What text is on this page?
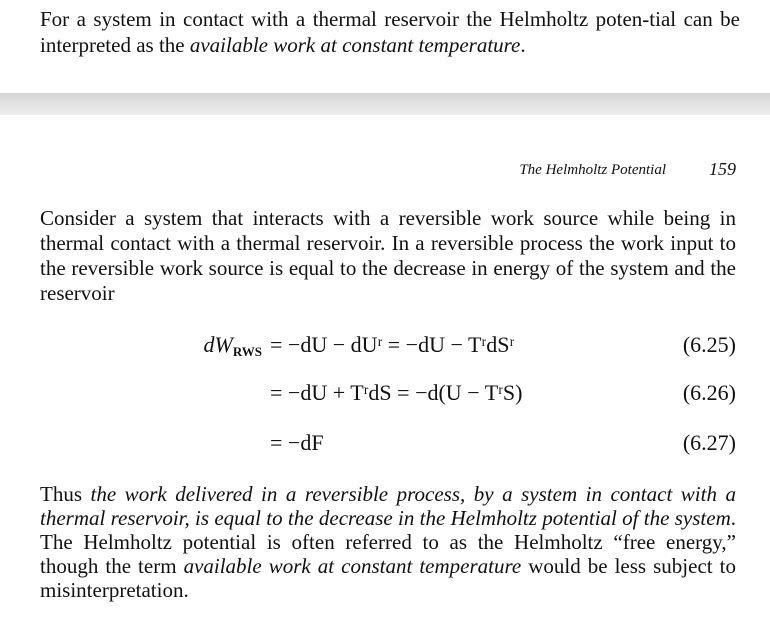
For a system in contact with a thermal reservoir the Helmholtz poten-tial can be interpreted as the available work at constant temperature.

The Helmholtz Potential 159

Consider a system that interacts with a reversible work source while being in thermal contact with a thermal reservoir. In a reversible process the work input to the reversible work source is equal to the decrease in energy of the system and the reservoir

$dW_{RWS} = -dU$ − dUʳ = −dU − TʳdSʳ	(6.25)
= −dU + TʳdS = −d(U − TʳS)	(6.26)
= −dF	(6.27)

Thus the work delivered in a reversible process, by a system in contact with a thermal reservoir, is equal to the decrease in the Helmholtz potential of the system. The Helmholtz potential is often referred to as the Helmholtz “free energy,” though the term available work at constant temperature would be less subject to misinterpretation.
